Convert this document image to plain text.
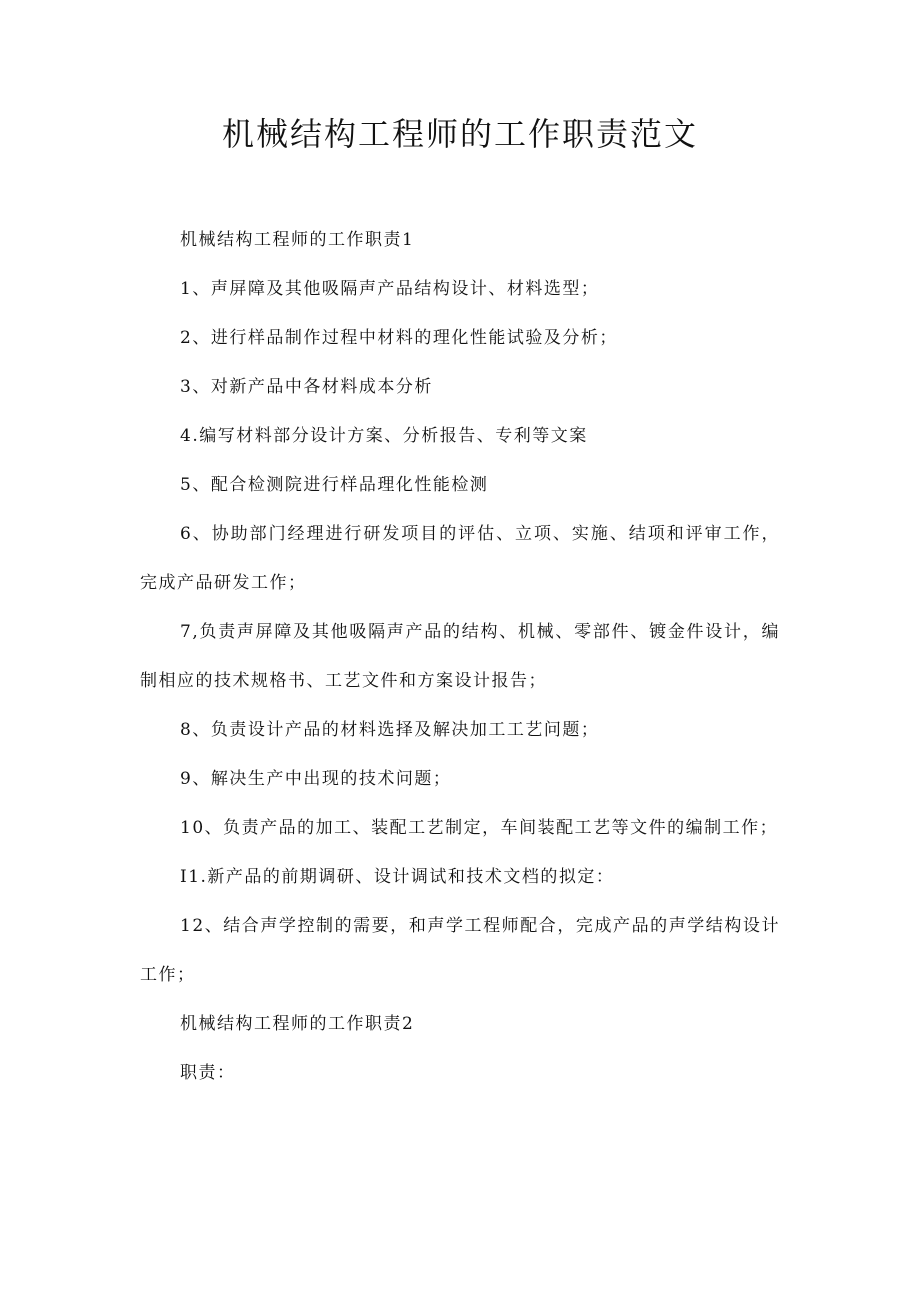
机械结构工程师的工作职责范文

机械结构工程师的工作职责1

1、声屏障及其他吸隔声产品结构设计、材料选型；

2、进行样品制作过程中材料的理化性能试验及分析；

3、对新产品中各材料成本分析

4.编写材料部分设计方案、分析报告、专利等文案

5、配合检测院进行样品理化性能检测

6、协助部门经理进行研发项目的评估、立项、实施、结项和评审工作，完成产品研发工作；

7,负责声屏障及其他吸隔声产品的结构、机械、零部件、镀金件设计，编制相应的技术规格书、工艺文件和方案设计报告；

8、负责设计产品的材料选择及解决加工工艺问题；

9、解决生产中出现的技术问题；

10、负责产品的加工、装配工艺制定，车间装配工艺等文件的编制工作；

I1.新产品的前期调研、设计调试和技术文档的拟定：

12、结合声学控制的需要，和声学工程师配合，完成产品的声学结构设计工作；

机械结构工程师的工作职责2

职责：
